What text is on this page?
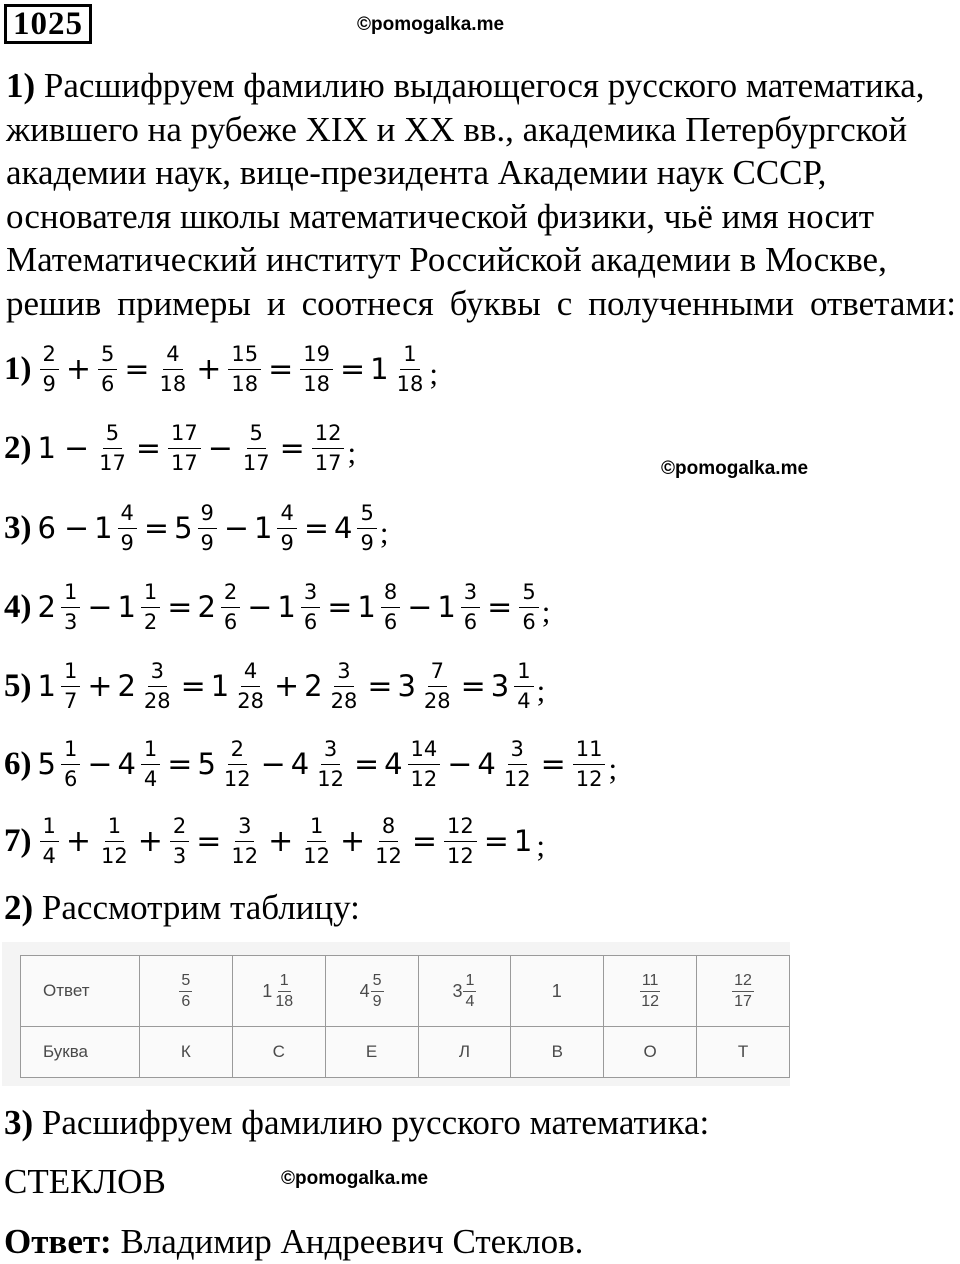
1025	©pomogalka.me
1) Расшифруем фамилию выдающегося русского математика,
жившего на рубеже XIX и XX вв., академика Петербургской
академии наук, вице-президента Академии наук СССР,
основателя школы математической физики, чьё имя носит
Математический институт Российской академии в Москве,
решив примеры и соотнеся буквы с полученными ответами:
$1) \frac{2}{9} + \frac{5}{6} = \frac{4}{18} + \frac{15}{18} = \frac{19}{18} = 1 \frac{1}{18}$ ;
2) $1 - \frac{5}{17} = \frac{17}{17} - \frac{5}{17} = \frac{12}{17}$ ;	©pomogalka.me
3) $6 - 1 \frac{4}{9} = 5 \frac{9}{9} - 1 \frac{4}{9} = 4 \frac{5}{9}$ ;
4) $2 \frac{1}{3} - 1 \frac{1}{2} = 2 \frac{2}{6} - 1 \frac{3}{6} = 1 \frac{8}{6} - 1 \frac{3}{6} = \frac{5}{6}$ ;
5) $1 \frac{1}{7} + 2 \frac{3}{28} = 1 \frac{4}{28} + 2 \frac{3}{28} = 3 \frac{7}{28} = 3 \frac{1}{4}$ ;
6) $5 \frac{1}{6} - 4 \frac{1}{4} = 5 \frac{2}{12} - 4 \frac{3}{12} = 4 \frac{14}{12} - 4 \frac{3}{12} = \frac{11}{12}$ ;
$7) \frac{1}{4} + \frac{1}{12} + \frac{2}{3} = \frac{3}{12} + \frac{1}{12} + \frac{8}{12} = \frac{12}{12} = 1$ ;
2) Рассмотрим таблицу:
Ответ	$\frac{5}{6}$	$1 \frac{1}{18}$	$4 \frac{5}{9}$	$3 \frac{1}{4}$	1	$\frac{11}{12}$	$\frac{12}{17}$

Буква	К	С	Е	Л	В	О	Т
3) Расшифруем фамилию русского математика:
СТЕКЛОВ	©pomogalka.me
Ответ: Владимир Андреевич Стеклов.
